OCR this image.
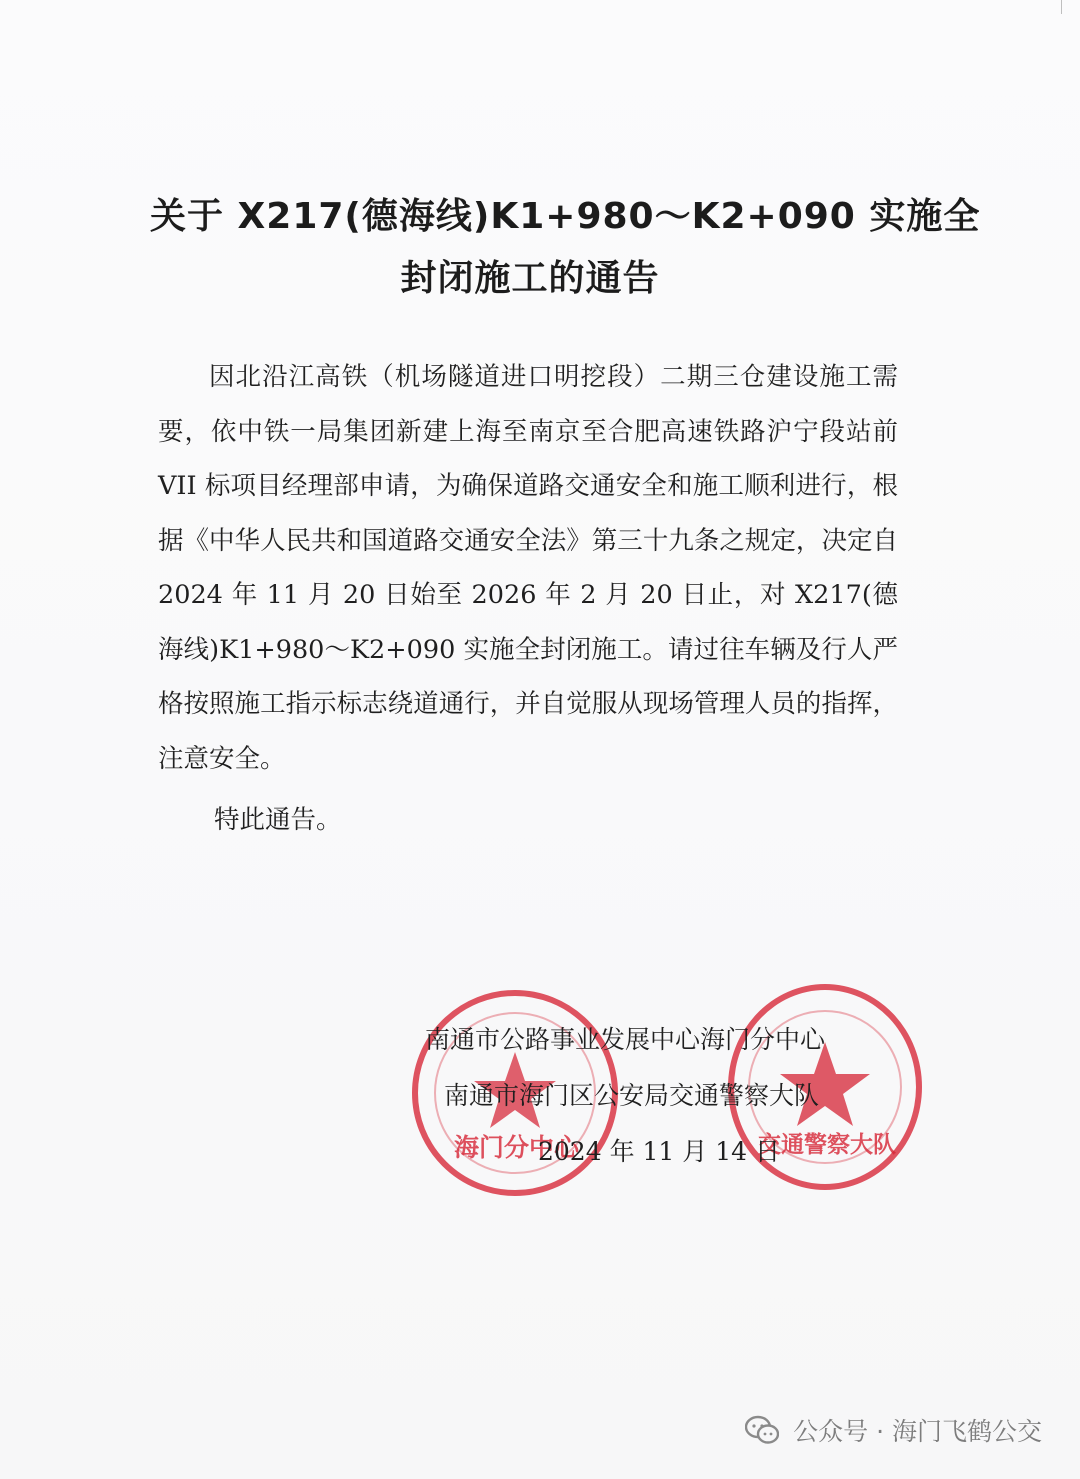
关于 X217(德海线)K1+980～K2+090 实施全
封闭施工的通告

因北沿江高铁（机场隧道进口明挖段）二期三仓建设施工需要，依中铁一局集团新建上海至南京至合肥高速铁路沪宁段站前 VII 标项目经理部申请，为确保道路交通安全和施工顺利进行，根据《中华人民共和国道路交通安全法》第三十九条之规定，决定自 2024 年 11 月 20 日始至 2026 年 2 月 20 日止，对 X217(德海线)K1+980～K2+090 实施全封闭施工。请过往车辆及行人严格按照施工指示标志绕道通行，并自觉服从现场管理人员的指挥，注意安全。

特此通告。
海门分中心	交通警察大队
南通市公路事业发展中心海门分中心
南通市海门区公安局交通警察大队
2024 年 11 月 14 日
公众号 · 海门飞鹤公交
